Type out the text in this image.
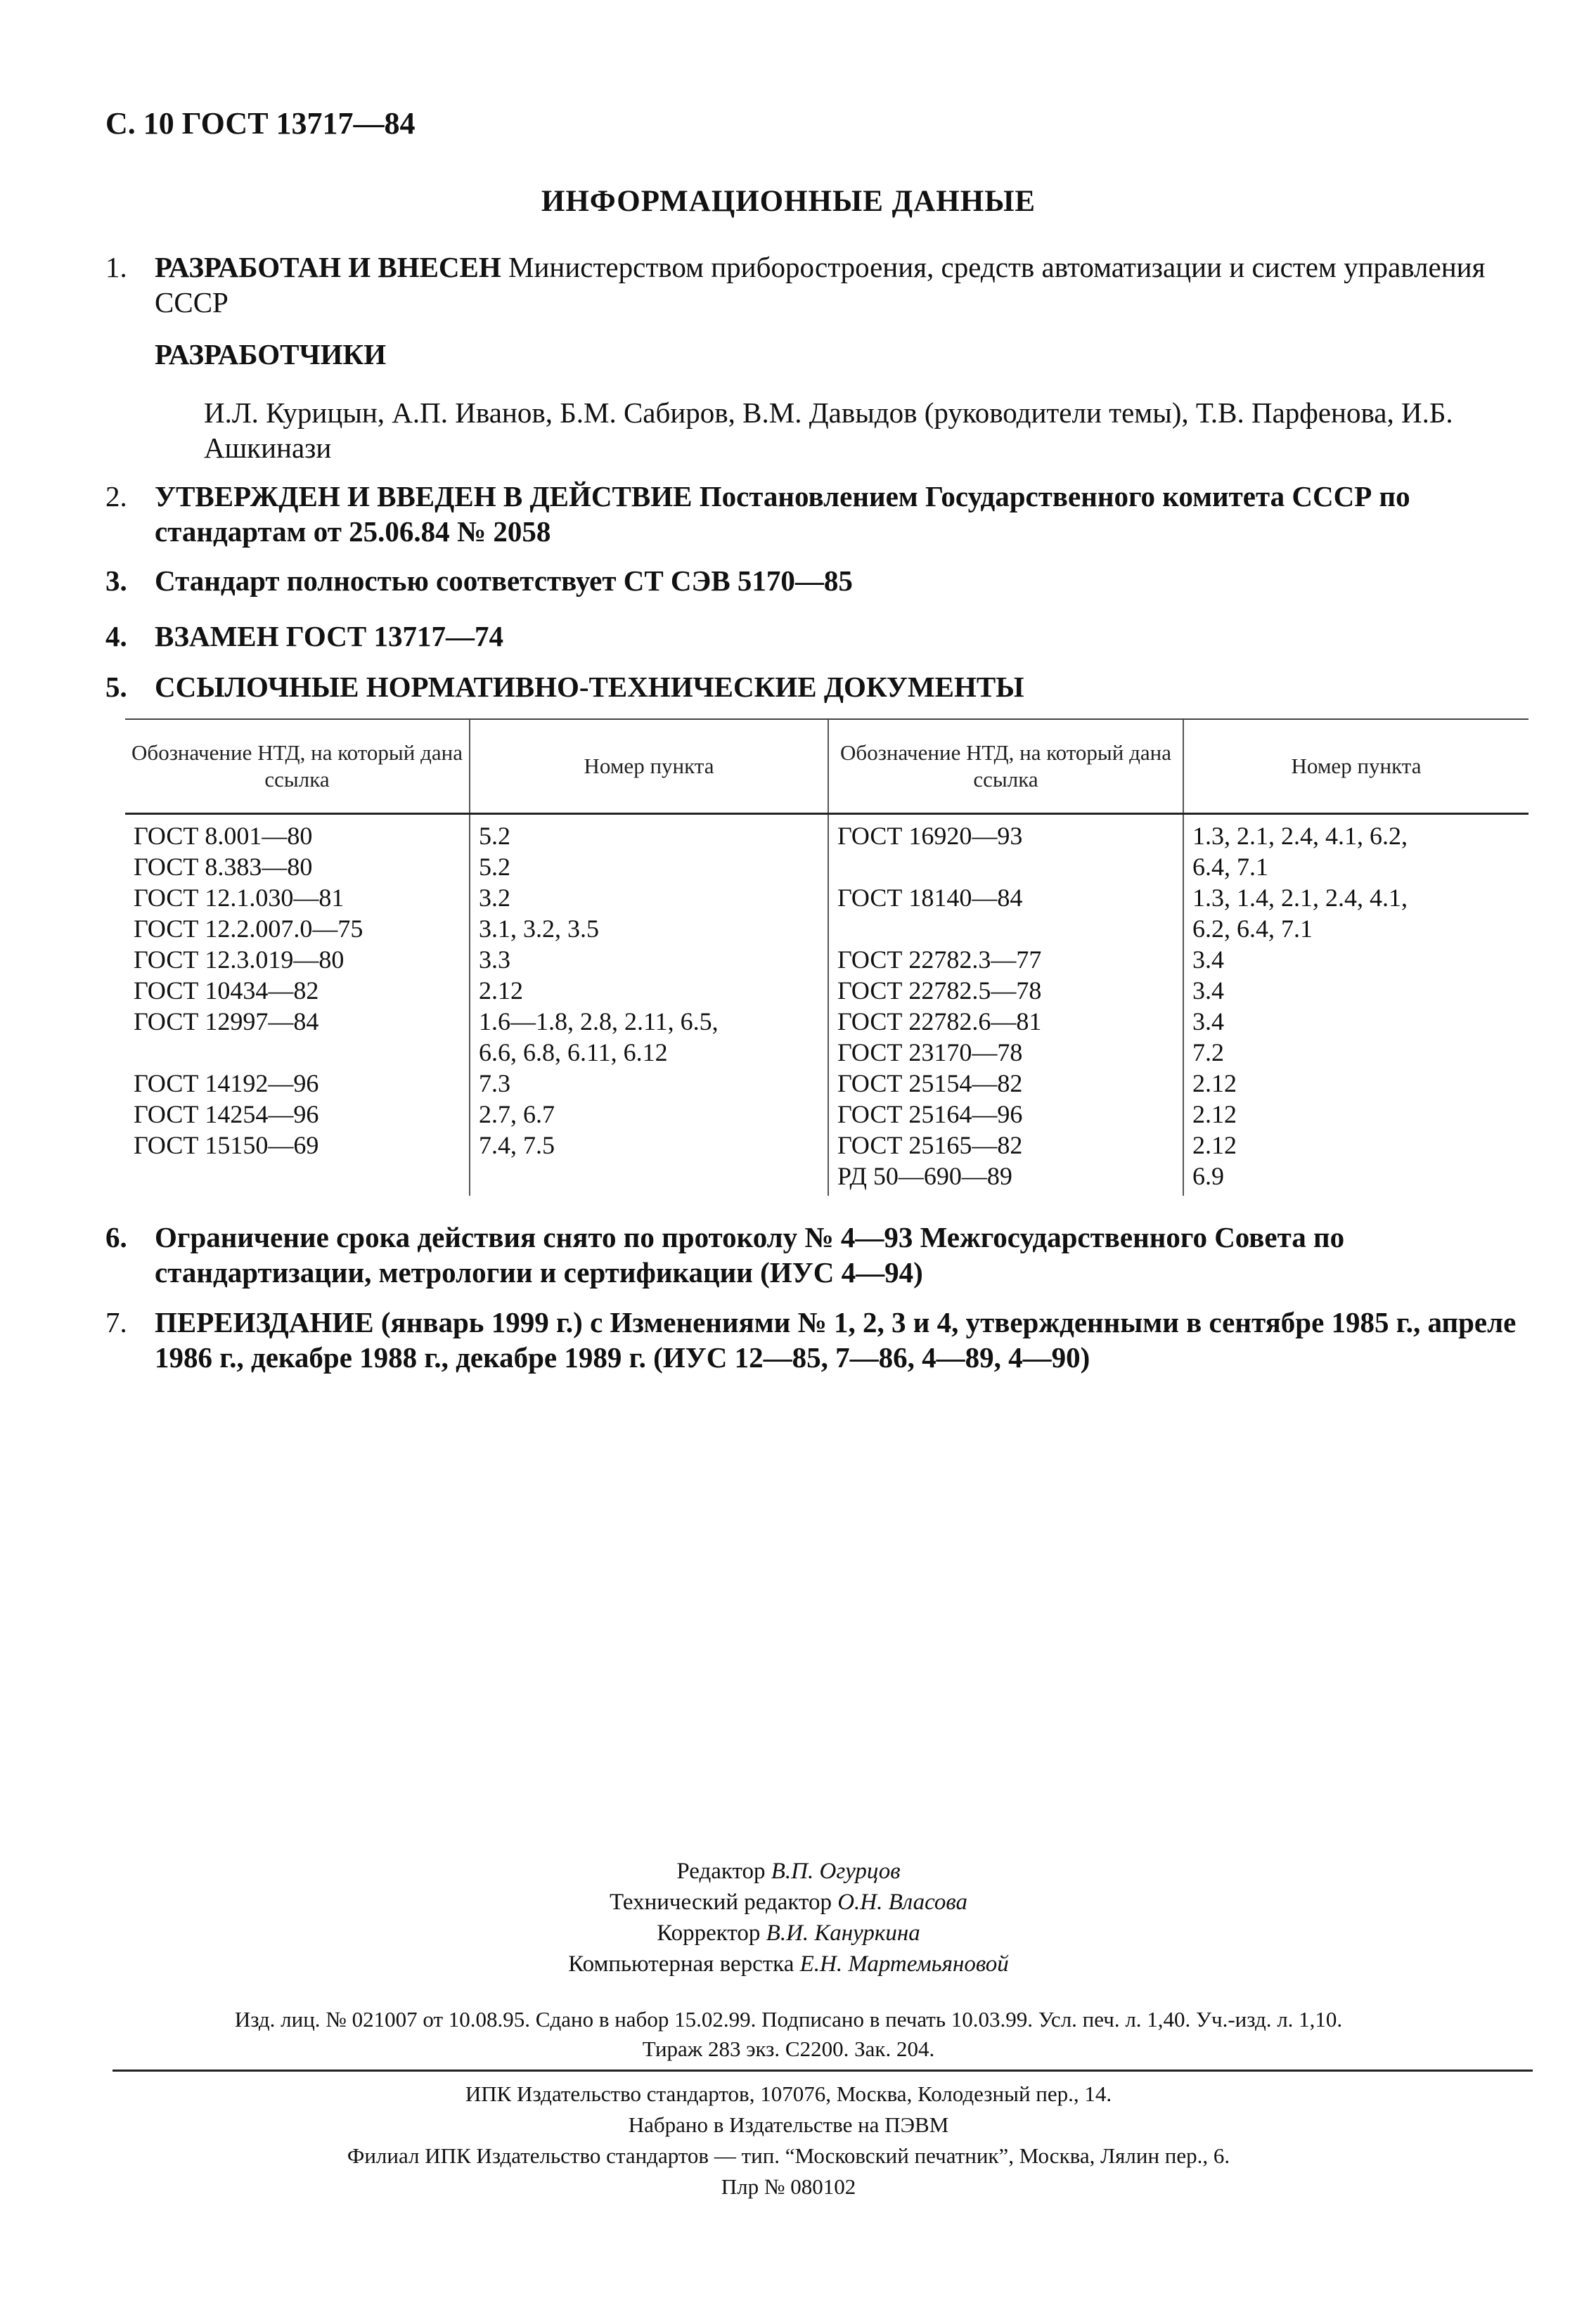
С. 10 ГОСТ 13717—84
ИНФОРМАЦИОННЫЕ ДАННЫЕ
1. РАЗРАБОТАН И ВНЕСЕН Министерством приборостроения, средств автоматизации и систем управления СССР
РАЗРАБОТЧИКИ
И.Л. Курицын, А.П. Иванов, Б.М. Сабиров, В.М. Давыдов (руководители темы), Т.В. Парфенова, И.Б. Ашкинази
2. УТВЕРЖДЕН И ВВЕДЕН В ДЕЙСТВИЕ Постановлением Государственного комитета СССР по стандартам от 25.06.84 № 2058
3. Стандарт полностью соответствует СТ СЭВ 5170—85
4. ВЗАМЕН ГОСТ 13717—74
5. ССЫЛОЧНЫЕ НОРМАТИВНО-ТЕХНИЧЕСКИЕ ДОКУМЕНТЫ
Обозначение НТД, на который дана ссылка	Номер пункта	Обозначение НТД, на который дана ссылка	Номер пункта
ГОСТ 8.001—80	5.2	ГОСТ 16920—93	1.3, 2.1, 2.4, 4.1, 6.2,
ГОСТ 8.383—80	5.2		6.4, 7.1
ГОСТ 12.1.030—81	3.2	ГОСТ 18140—84	1.3, 1.4, 2.1, 2.4, 4.1,
ГОСТ 12.2.007.0—75	3.1, 3.2, 3.5		6.2, 6.4, 7.1
ГОСТ 12.3.019—80	3.3	ГОСТ 22782.3—77	3.4
ГОСТ 10434—82	2.12	ГОСТ 22782.5—78	3.4
ГОСТ 12997—84	1.6—1.8, 2.8, 2.11, 6.5,	ГОСТ 22782.6—81	3.4
	6.6, 6.8, 6.11, 6.12	ГОСТ 23170—78	7.2
ГОСТ 14192—96	7.3	ГОСТ 25154—82	2.12
ГОСТ 14254—96	2.7, 6.7	ГОСТ 25164—96	2.12
ГОСТ 15150—69	7.4, 7.5	ГОСТ 25165—82	2.12
		РД 50—690—89	6.9
6. Ограничение срока действия снято по протоколу № 4—93 Межгосударственного Совета по стандартизации, метрологии и сертификации (ИУС 4—94)
7. ПЕРЕИЗДАНИЕ (январь 1999 г.) с Изменениями № 1, 2, 3 и 4, утвержденными в сентябре 1985 г., апреле 1986 г., декабре 1988 г., декабре 1989 г. (ИУС 12—85, 7—86, 4—89, 4—90)
Редактор В.П. Огурцов
Технический редактор О.Н. Власова
Корректор В.И. Кануркина
Компьютерная верстка Е.Н. Мартемьяновой
Изд. лиц. № 021007 от 10.08.95. Сдано в набор 15.02.99. Подписано в печать 10.03.99. Усл. печ. л. 1,40. Уч.-изд. л. 1,10.
Тираж 283 экз. С2200. Зак. 204.
ИПК Издательство стандартов, 107076, Москва, Колодезный пер., 14.
Набрано в Издательстве на ПЭВМ
Филиал ИПК Издательство стандартов — тип. “Московский печатник”, Москва, Лялин пер., 6.
Плр № 080102
